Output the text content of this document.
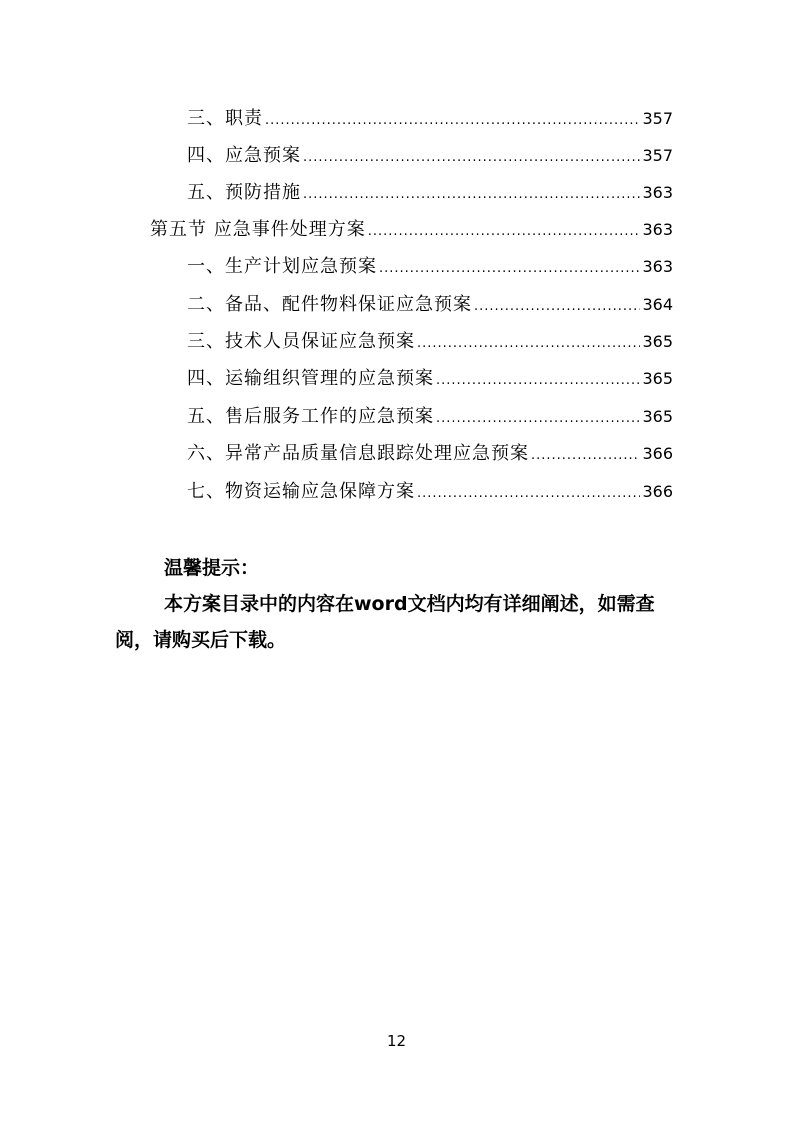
三、职责 .....	357
四、应急预案 .....	357
五、预防措施 .....	363
第五节 应急事件处理方案 .....	363
一、生产计划应急预案 .....	363
二、备品、配件物料保证应急预案 .....	364
三、技术人员保证应急预案 .....	365
四、运输组织管理的应急预案 .....	365
五、售后服务工作的应急预案 .....	365
六、异常产品质量信息跟踪处理应急预案 .....	366
七、物资运输应急保障方案 .....	366
温馨提示：
本方案目录中的内容在word文档内均有详细阐述，如需查阅，请购买后下载。
12
